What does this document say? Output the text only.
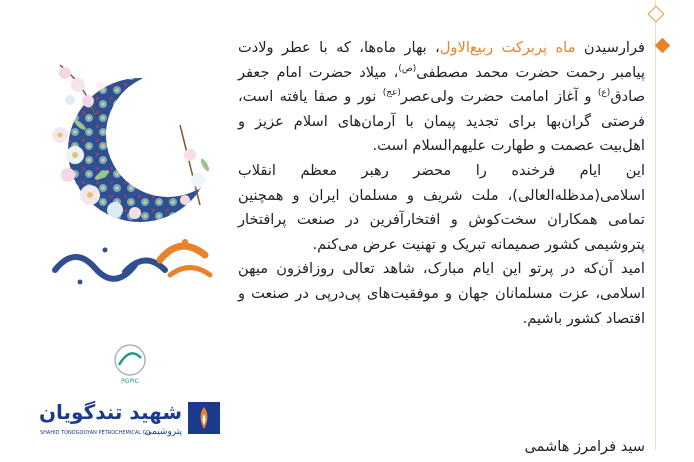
فرارسیدن ماه پربرکت ربیع‌الاول، بهار ماه‌ها، که با عطر ولادت پیامبر رحمت حضرت محمد مصطفی$^{(ص)}$، میلاد حضرت امام جعفر صادق$^{(ع)}$ و آغاز امامت حضرت ولی‌عصر$^{(عج)}$ نور و صفا یافته است، فرصتی گران‌بها برای تجدید پیمان با آرمان‌های اسلام عزیز و اهل‌بیت عصمت و طهارت علیهم‌السلام است.

این ایام فرخنده را محضر رهبر معظم انقلاب اسلامی(مدظله‌العالی)، ملت شریف و مسلمان ایران و همچنین تمامی همکاران سخت‌کوش و افتخارآفرین در صنعت پرافتخار پتروشیمی کشور صمیمانه تبریک و تهنیت عرض می‌کنم.

امید آن‌که در پرتو این ایام مبارک، شاهد تعالی روزافزون میهن اسلامی، عزت مسلمانان جهان و موفقیت‌های پی‌درپی در صنعت و اقتصاد کشور باشیم.

سید فرامرز هاشمی
PGPIC
شهید تندگویان
پتروشیمی
SHAHID TONDGOOYAN PETROCHEMICAL CO.
